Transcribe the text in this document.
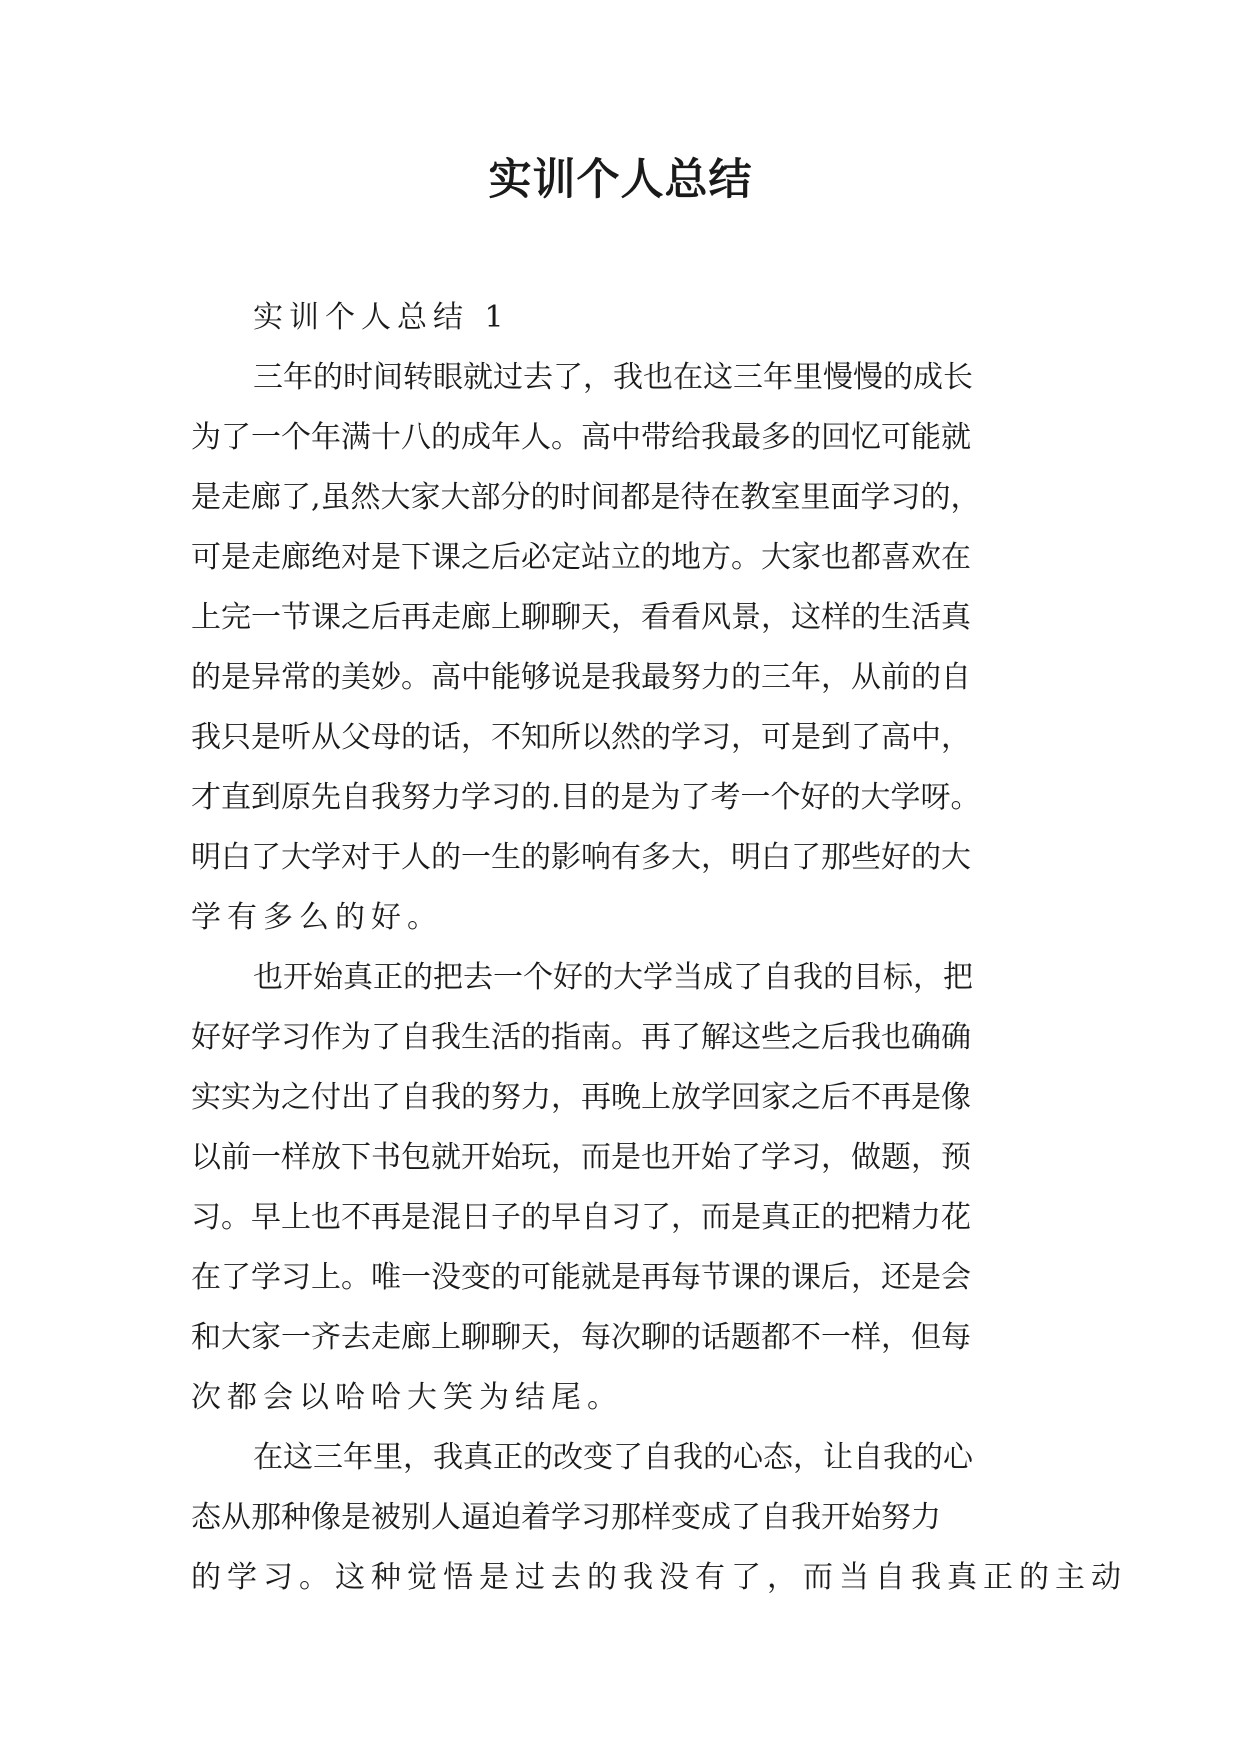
实训个人总结
实训个人总结 1
三年的时间转眼就过去了，我也在这三年里慢慢的成长
为了一个年满十八的成年人。高中带给我最多的回忆可能就
是走廊了,虽然大家大部分的时间都是待在教室里面学习的，
可是走廊绝对是下课之后必定站立的地方。大家也都喜欢在
上完一节课之后再走廊上聊聊天，看看风景，这样的生活真
的是异常的美妙。高中能够说是我最努力的三年，从前的自
我只是听从父母的话，不知所以然的学习，可是到了高中，
才直到原先自我努力学习的.目的是为了考一个好的大学呀。
明白了大学对于人的一生的影响有多大，明白了那些好的大
学有多么的好。
也开始真正的把去一个好的大学当成了自我的目标，把
好好学习作为了自我生活的指南。再了解这些之后我也确确
实实为之付出了自我的努力，再晚上放学回家之后不再是像
以前一样放下书包就开始玩，而是也开始了学习，做题，预
习。早上也不再是混日子的早自习了，而是真正的把精力花
在了学习上。唯一没变的可能就是再每节课的课后，还是会
和大家一齐去走廊上聊聊天，每次聊的话题都不一样，但每
次都会以哈哈大笑为结尾。
在这三年里，我真正的改变了自我的心态，让自我的心
态从那种像是被别人逼迫着学习那样变成了自我开始努力
的学习。这种觉悟是过去的我没有了，而当自我真正的主动
